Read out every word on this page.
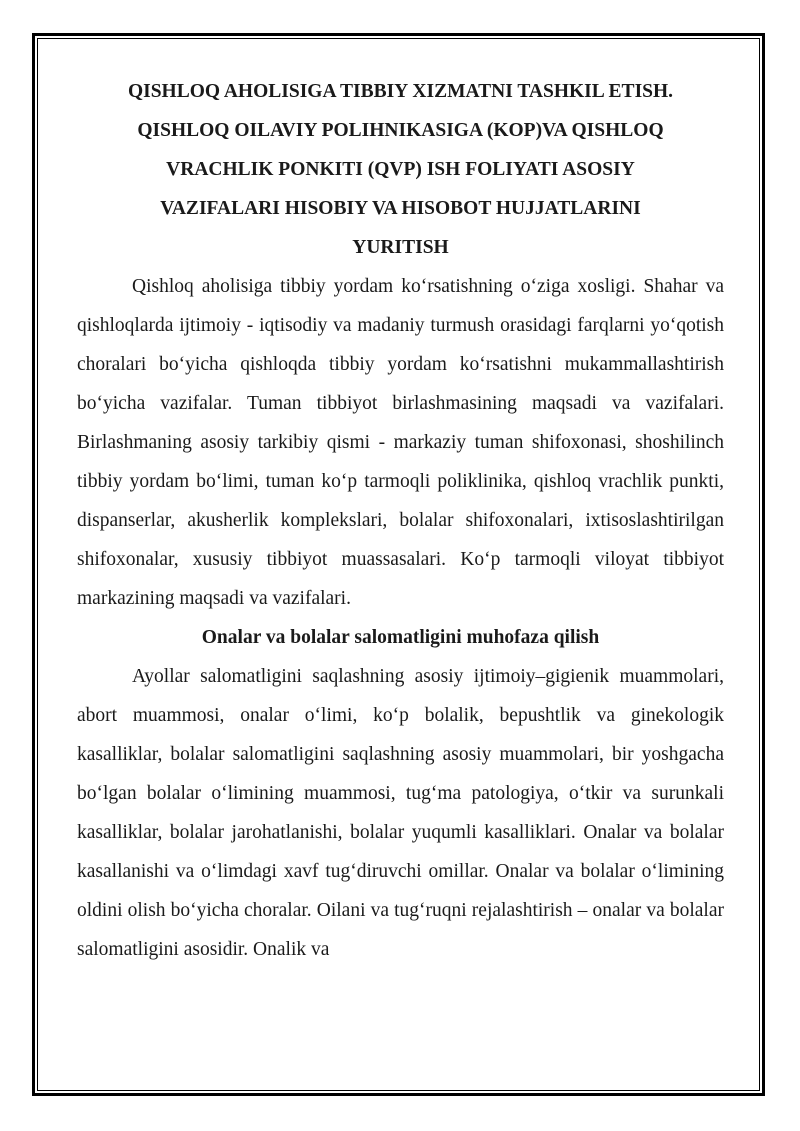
QISHLOQ AHOLISIGA TIBBIY XIZMATNI TASHKIL ETISH.
QISHLOQ OILAVIY POLIHNIKASIGA (KOP)VA QISHLOQ
VRACHLIK PONKITI (QVP) ISH FOLIYATI ASOSIY
VAZIFALARI HISOBIY VA HISOBOT HUJJATLARINI
YURITISH

Qishloq aholisiga tibbiy yordam ko‘rsatishning o‘ziga xosligi. Shahar va qishloqlarda ijtimoiy - iqtisodiy va madaniy turmush orasidagi farqlarni yo‘qotish choralari bo‘yicha qishloqda tibbiy yordam ko‘rsatishni mukammallashtirish bo‘yicha vazifalar. Tuman tibbiyot birlashmasining maqsadi va vazifalari. Birlashmaning asosiy tarkibiy qismi - markaziy tuman shifoxonasi, shoshilinch tibbiy yordam bo‘limi, tuman ko‘p tarmoqli poliklinika, qishloq vrachlik punkti, dispanserlar, akusherlik komplekslari, bolalar shifoxonalari, ixtisoslashtirilgan shifoxonalar, xususiy tibbiyot muassasalari. Ko‘p tarmoqli viloyat tibbiyot markazining maqsadi va vazifalari.

Onalar va bolalar salomatligini muhofaza qilish

Ayollar salomatligini saqlashning asosiy ijtimoiy–gigienik muammolari, abort muammosi, onalar o‘limi, ko‘p bolalik, bepushtlik va ginekologik kasalliklar, bolalar salomatligini saqlashning asosiy muammolari, bir yoshgacha bo‘lgan bolalar o‘limining muammosi, tug‘ma patologiya, o‘tkir va surunkali kasalliklar, bolalar jarohatlanishi, bolalar yuqumli kasalliklari. Onalar va bolalar kasallanishi va o‘limdagi xavf tug‘diruvchi omillar. Onalar va bolalar o‘limining oldini olish bo‘yicha choralar. Oilani va tug‘ruqni rejalashtirish – onalar va bolalar salomatligini asosidir. Onalik va
